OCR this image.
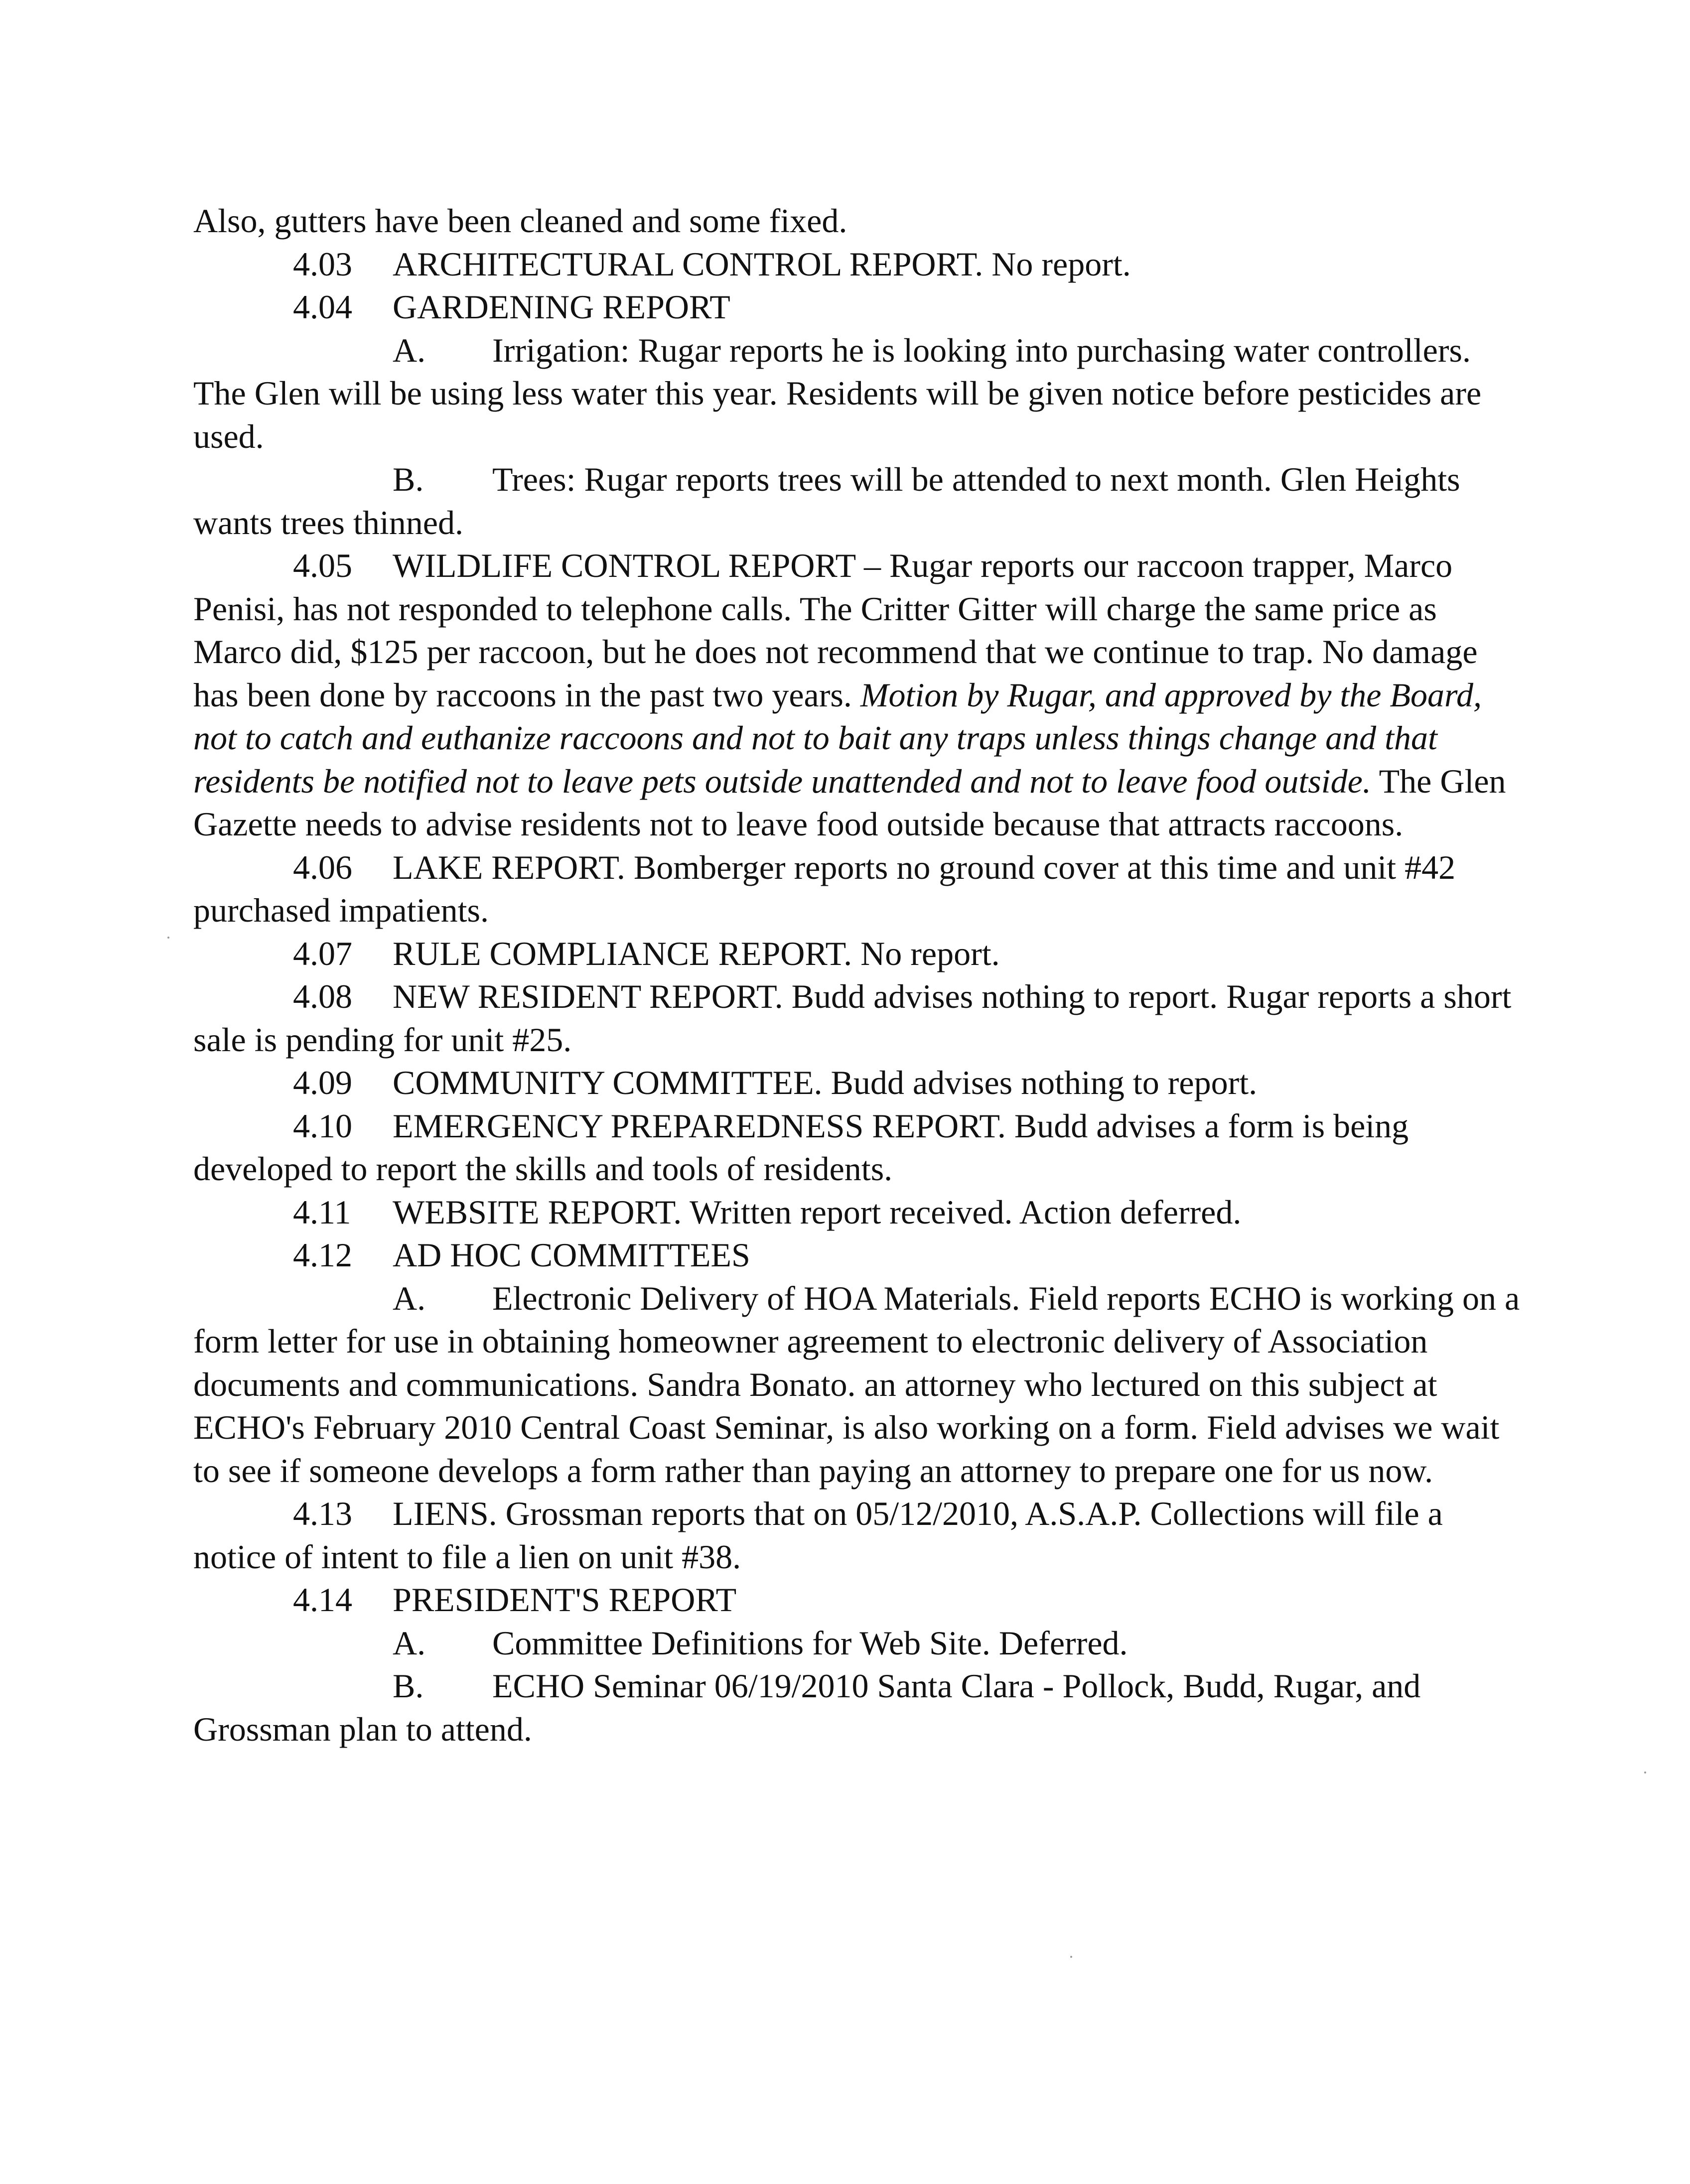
Also, gutters have been cleaned and some fixed.

4.03 ARCHITECTURAL CONTROL REPORT. No report.

4.04 GARDENING REPORT

A. Irrigation: Rugar reports he is looking into purchasing water controllers. The Glen will be using less water this year. Residents will be given notice before pesticides are used.

B. Trees: Rugar reports trees will be attended to next month. Glen Heights wants trees thinned.

4.05 WILDLIFE CONTROL REPORT – Rugar reports our raccoon trapper, Marco Penisi, has not responded to telephone calls. The Critter Gitter will charge the same price as Marco did, $125 per raccoon, but he does not recommend that we continue to trap. No damage has been done by raccoons in the past two years. Motion by Rugar, and approved by the Board, not to catch and euthanize raccoons and not to bait any traps unless things change and that residents be notified not to leave pets outside unattended and not to leave food outside. The Glen Gazette needs to advise residents not to leave food outside because that attracts raccoons.

4.06 LAKE REPORT. Bomberger reports no ground cover at this time and unit #42 purchased impatients.

4.07 RULE COMPLIANCE REPORT. No report.

4.08 NEW RESIDENT REPORT. Budd advises nothing to report. Rugar reports a short sale is pending for unit #25.

4.09 COMMUNITY COMMITTEE. Budd advises nothing to report.

4.10 EMERGENCY PREPAREDNESS REPORT. Budd advises a form is being developed to report the skills and tools of residents.

4.11 WEBSITE REPORT. Written report received. Action deferred.

4.12 AD HOC COMMITTEES

A. Electronic Delivery of HOA Materials. Field reports ECHO is working on a form letter for use in obtaining homeowner agreement to electronic delivery of Association documents and communications. Sandra Bonato. an attorney who lectured on this subject at ECHO's February 2010 Central Coast Seminar, is also working on a form. Field advises we wait to see if someone develops a form rather than paying an attorney to prepare one for us now.

4.13 LIENS. Grossman reports that on 05/12/2010, A.S.A.P. Collections will file a notice of intent to file a lien on unit #38.

4.14 PRESIDENT'S REPORT

A. Committee Definitions for Web Site. Deferred.

B. ECHO Seminar 06/19/2010 Santa Clara - Pollock, Budd, Rugar, and Grossman plan to attend.
